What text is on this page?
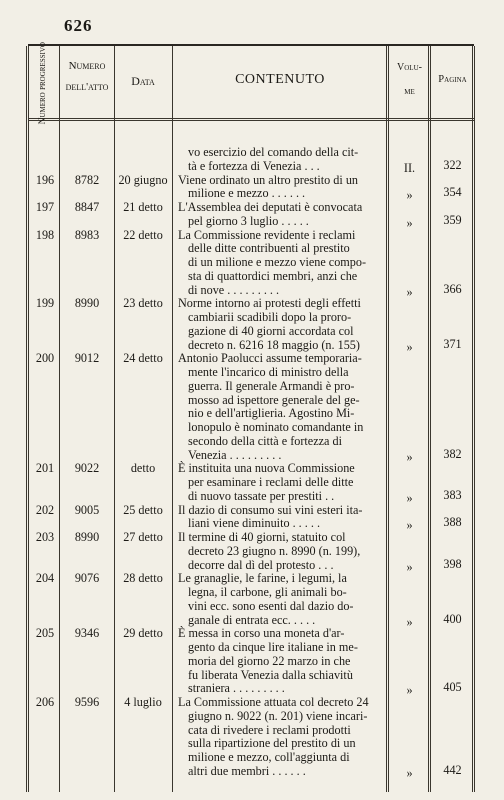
626
Numero progressivo	Numero
dell'atto	Data	CONTENUTO
Volu-
me
Pagina
vo esercizio del comando della cit-
tà e fortezza di Venezia . . .	II.	322
196	8782	20 giugno Viene ordinato un altro prestito di un
milione e mezzo . . . . . .	»	354
197	8847	21 detto	L'Assemblea dei deputati è convocata
pel giorno 3 luglio . . . . .	»	359
198	8983	22 detto	La Commissione revidente i reclami
delle ditte contribuenti al prestito
di un milione e mezzo viene compo-
sta di quattordici membri, anzi che
di nove . . . . . . . . .	»	366
199	8990	23 detto	Norme intorno ai protesti degli effetti
cambiarii scadibili dopo la proro-
gazione di 40 giorni accordata col
decreto n. 6216 18 maggio (n. 155)	»	371
200	9012	24 detto	Antonio Paolucci assume temporaria-
mente l'incarico di ministro della
guerra. Il generale Armandi è pro-
mosso ad ispettore generale del ge-
nio e dell'artiglieria. Agostino Mi-
lonopulo è nominato comandante in
secondo della città e fortezza di
Venezia . . . . . . . . .	»	382
201	9022	detto	È instituita una nuova Commissione
per esaminare i reclami delle ditte
di nuovo tassate per prestiti . .	»	383
202	9005	25 detto	Il dazio di consumo sui vini esteri ita-
liani viene diminuito . . . . .	»	388
203	8990	27 detto	Il termine di 40 giorni, statuito col
decreto 23 giugno n. 8990 (n. 199),
decorre dal dì del protesto . . .	»	398
204	9076	28 detto	Le granaglie, le farine, i legumi, la
legna, il carbone, gli animali bo-
vini ecc. sono esenti dal dazio do-
ganale di entrata ecc. . . . .	»	400
205	9346	29 detto	È messa in corso una moneta d'ar-
gento da cinque lire italiane in me-
moria del giorno 22 marzo in che
fu liberata Venezia dalla schiavitù
straniera . . . . . . . . .	»	405
206	9596	4 luglio	La Commissione attuata col decreto 24
giugno n. 9022 (n. 201) viene incari-
cata di rivedere i reclami prodotti
sulla ripartizione del prestito di un
milione e mezzo, coll'aggiunta di
altri due membri . . . . . .	»	442
